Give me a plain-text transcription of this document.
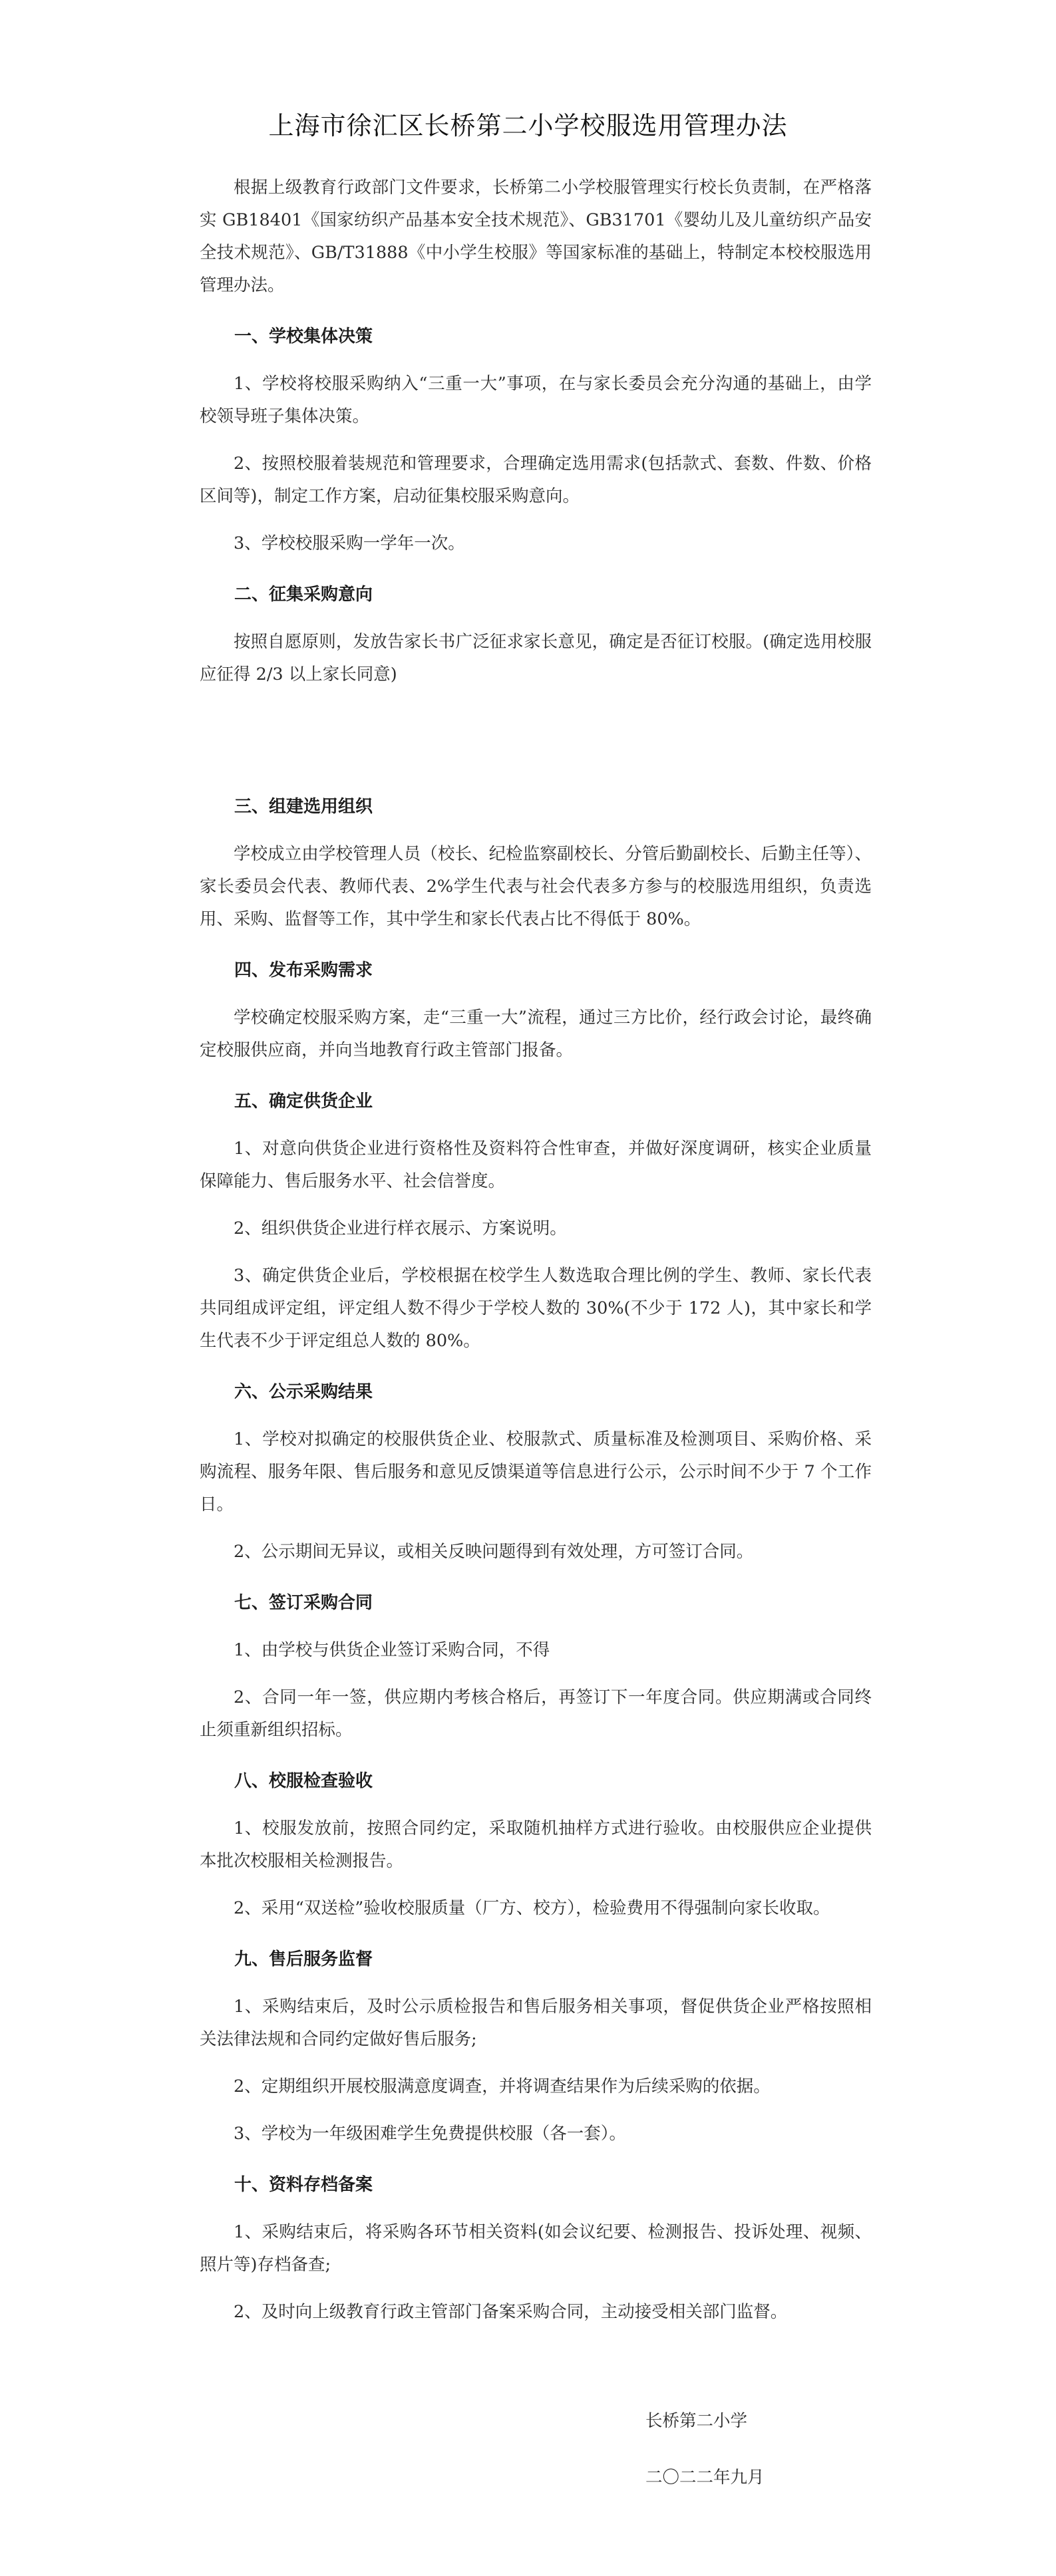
上海市徐汇区长桥第二小学校服选用管理办法

根据上级教育行政部门文件要求，长桥第二小学校服管理实行校长负责制，在严格落实 GB18401《国家纺织产品基本安全技术规范》、GB31701《婴幼儿及儿童纺织产品安全技术规范》、GB/T31888《中小学生校服》等国家标准的基础上，特制定本校校服选用管理办法。

一、学校集体决策

1、学校将校服采购纳入“三重一大”事项，在与家长委员会充分沟通的基础上，由学校领导班子集体决策。

2、按照校服着装规范和管理要求，合理确定选用需求(包括款式、套数、件数、价格区间等)，制定工作方案，启动征集校服采购意向。

3、学校校服采购一学年一次。

二、征集采购意向

按照自愿原则，发放告家长书广泛征求家长意见，确定是否征订校服。(确定选用校服应征得 2/3 以上家长同意)

三、组建选用组织

学校成立由学校管理人员（校长、纪检监察副校长、分管后勤副校长、后勤主任等）、家长委员会代表、教师代表、2%学生代表与社会代表多方参与的校服选用组织，负责选用、采购、监督等工作，其中学生和家长代表占比不得低于 80%。

四、发布采购需求

学校确定校服采购方案，走“三重一大”流程，通过三方比价，经行政会讨论，最终确定校服供应商，并向当地教育行政主管部门报备。

五、确定供货企业

1、对意向供货企业进行资格性及资料符合性审查，并做好深度调研，核实企业质量保障能力、售后服务水平、社会信誉度。

2、组织供货企业进行样衣展示、方案说明。

3、确定供货企业后，学校根据在校学生人数选取合理比例的学生、教师、家长代表共同组成评定组，评定组人数不得少于学校人数的 30%(不少于 172 人)，其中家长和学生代表不少于评定组总人数的 80%。

六、公示采购结果

1、学校对拟确定的校服供货企业、校服款式、质量标准及检测项目、采购价格、采购流程、服务年限、售后服务和意见反馈渠道等信息进行公示，公示时间不少于 7 个工作日。

2、公示期间无异议，或相关反映问题得到有效处理，方可签订合同。

七、签订采购合同

1、由学校与供货企业签订采购合同，不得

2、合同一年一签，供应期内考核合格后，再签订下一年度合同。供应期满或合同终止须重新组织招标。

八、校服检查验收

1、校服发放前，按照合同约定，采取随机抽样方式进行验收。由校服供应企业提供本批次校服相关检测报告。

2、采用“双送检”验收校服质量（厂方、校方），检验费用不得强制向家长收取。

九、售后服务监督

1、采购结束后，及时公示质检报告和售后服务相关事项，督促供货企业严格按照相关法律法规和合同约定做好售后服务;

2、定期组织开展校服满意度调查，并将调查结果作为后续采购的依据。

3、学校为一年级困难学生免费提供校服（各一套）。

十、资料存档备案

1、采购结束后，将采购各环节相关资料(如会议纪要、检测报告、投诉处理、视频、照片等)存档备查;

2、及时向上级教育行政主管部门备案采购合同，主动接受相关部门监督。

长桥第二小学
二〇二二年九月
